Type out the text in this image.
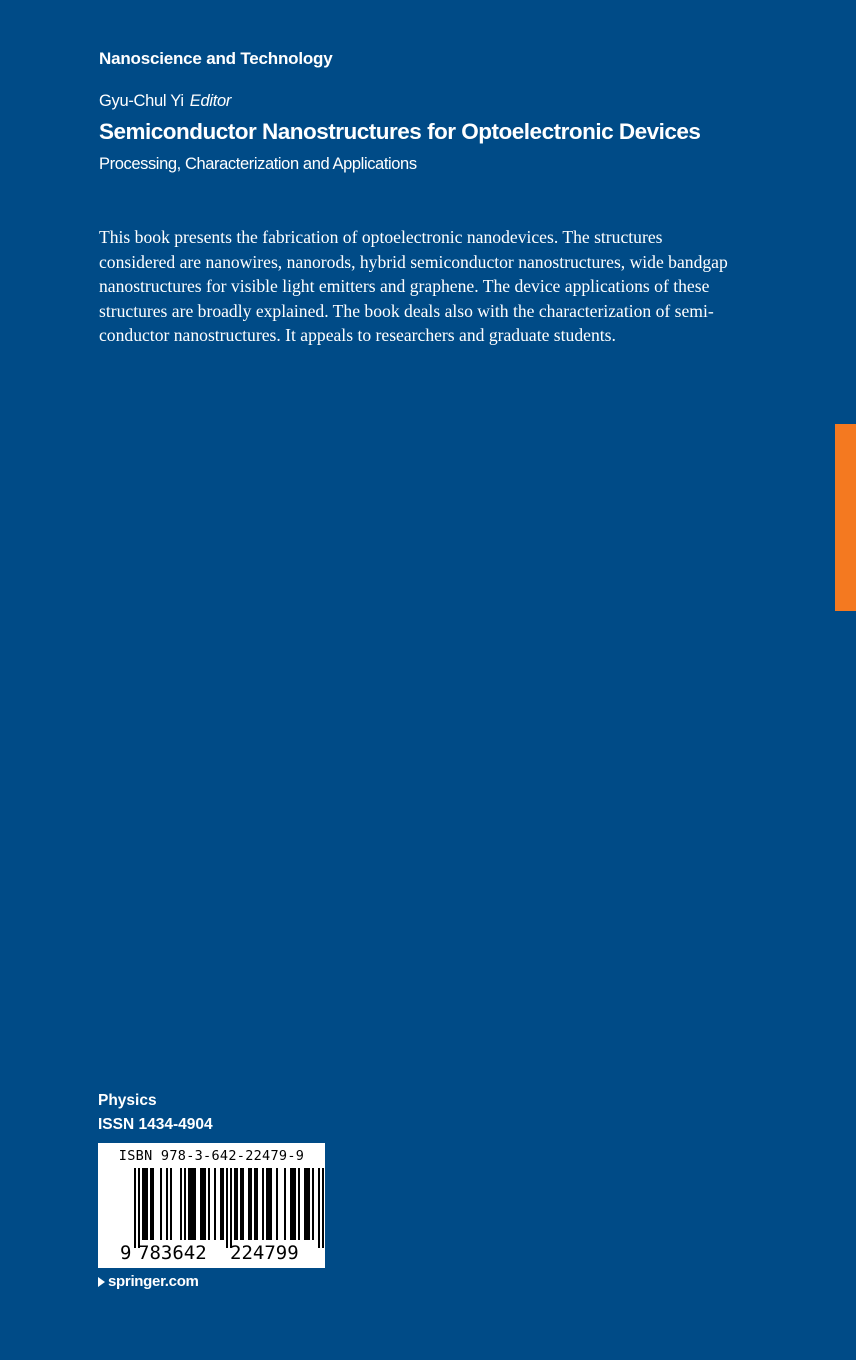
Nanoscience and Technology
Gyu-Chul Yi Editor
Semiconductor Nanostructures for Optoelectronic Devices
Processing, Characterization and Applications
This book presents the fabrication of optoelectronic nanodevices. The structures
considered are nanowires, nanorods, hybrid semiconductor nanostructures, wide bandgap
nanostructures for visible light emitters and graphene. The device applications of these
structures are broadly explained. The book deals also with the characterization of semi-
conductor nanostructures. It appeals to researchers and graduate students.
Physics
ISSN 1434-4904
ISBN 978-3-642-22479-9
9 783642 224799
springer.com
